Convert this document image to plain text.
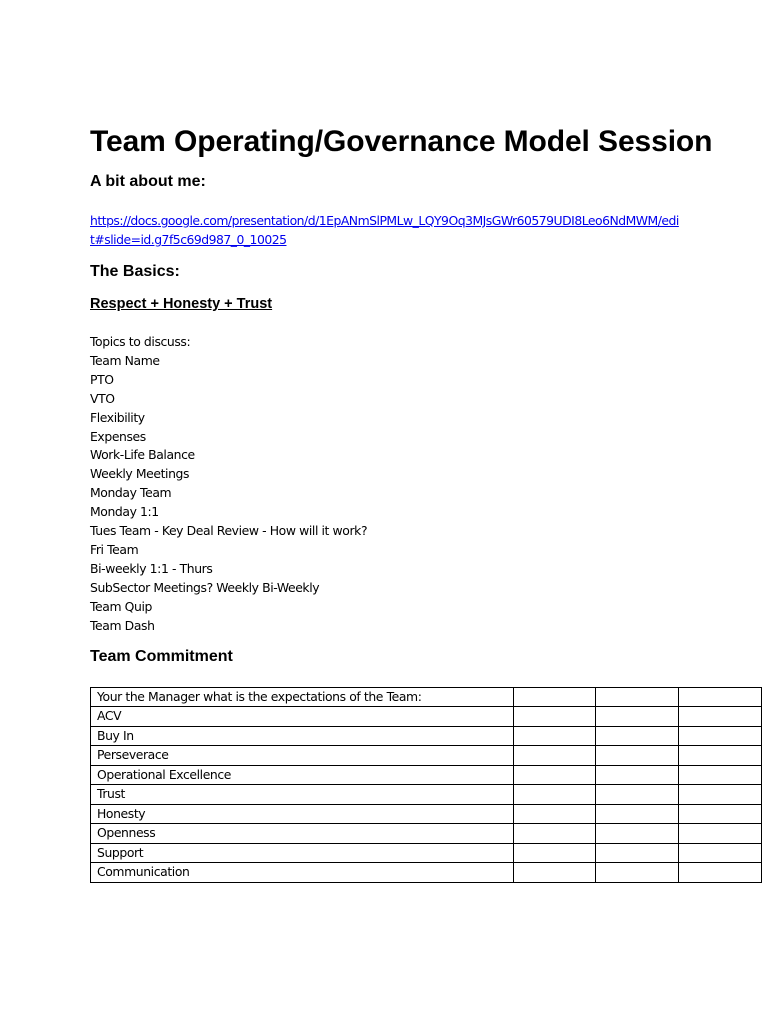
Team Operating/Governance Model Session
A bit about me:
https://docs.google.com/presentation/d/1EpANmSlPMLw_LQY9Oq3MJsGWr60579UDI8Leo6NdMWM/edit#slide=id.g7f5c69d987_0_10025
The Basics:
Respect + Honesty + Trust
Topics to discuss:
Team Name
PTO
VTO
Flexibility
Expenses
Work-Life Balance
Weekly Meetings
Monday Team
Monday 1:1
Tues Team - Key Deal Review - How will it work?
Fri Team
Bi-weekly 1:1 - Thurs
SubSector Meetings? Weekly Bi-Weekly
Team Quip
Team Dash
Team Commitment
Your the Manager what is the expectations of the Team:			
ACV			
Buy In			
Perseverace			
Operational Excellence			
Trust			
Honesty			
Openness			
Support			
Communication			
